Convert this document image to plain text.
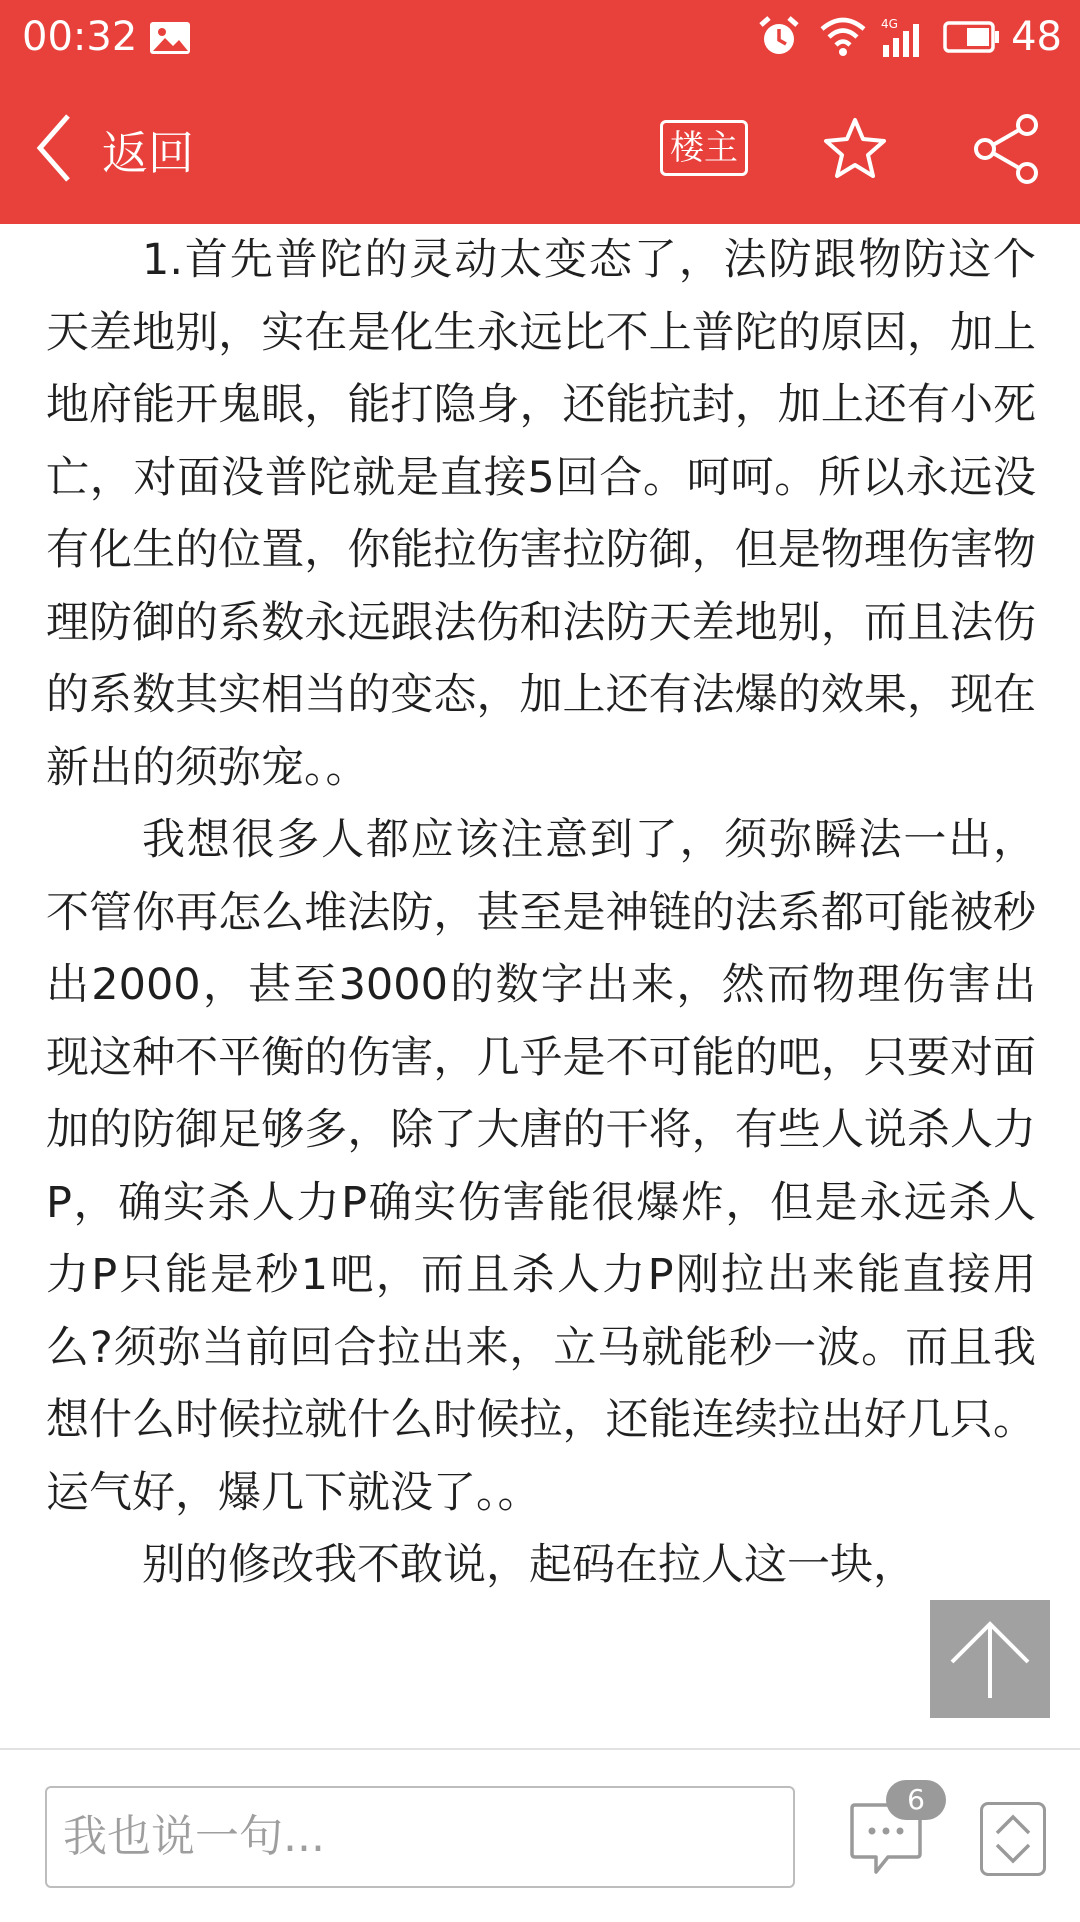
00:32	4G	48
返回	楼主

1.首先普陀的灵动太变态了，法防跟物防这个天差地别，实在是化生永远比不上普陀的原因，加上地府能开鬼眼，能打隐身，还能抗封，加上还有小死亡，对面没普陀就是直接5回合。呵呵。所以永远没有化生的位置，你能拉伤害拉防御，但是物理伤害物理防御的系数永远跟法伤和法防天差地别，而且法伤的系数其实相当的变态，加上还有法爆的效果，现在新出的须弥宠。。

我想很多人都应该注意到了，须弥瞬法一出，不管你再怎么堆法防，甚至是神链的法系都可能被秒出2000，甚至3000的数字出来，然而物理伤害出现这种不平衡的伤害，几乎是不可能的吧，只要对面加的防御足够多，除了大唐的干将，有些人说杀人力P，确实杀人力P确实伤害能很爆炸，但是永远杀人力P只能是秒1吧，而且杀人力P刚拉出来能直接用么?须弥当前回合拉出来，立马就能秒一波。而且我想什么时候拉就什么时候拉，还能连续拉出好几只。运气好，爆几下就没了。。

别的修改我不敢说，起码在拉人这一块，

我也说一句...
6
